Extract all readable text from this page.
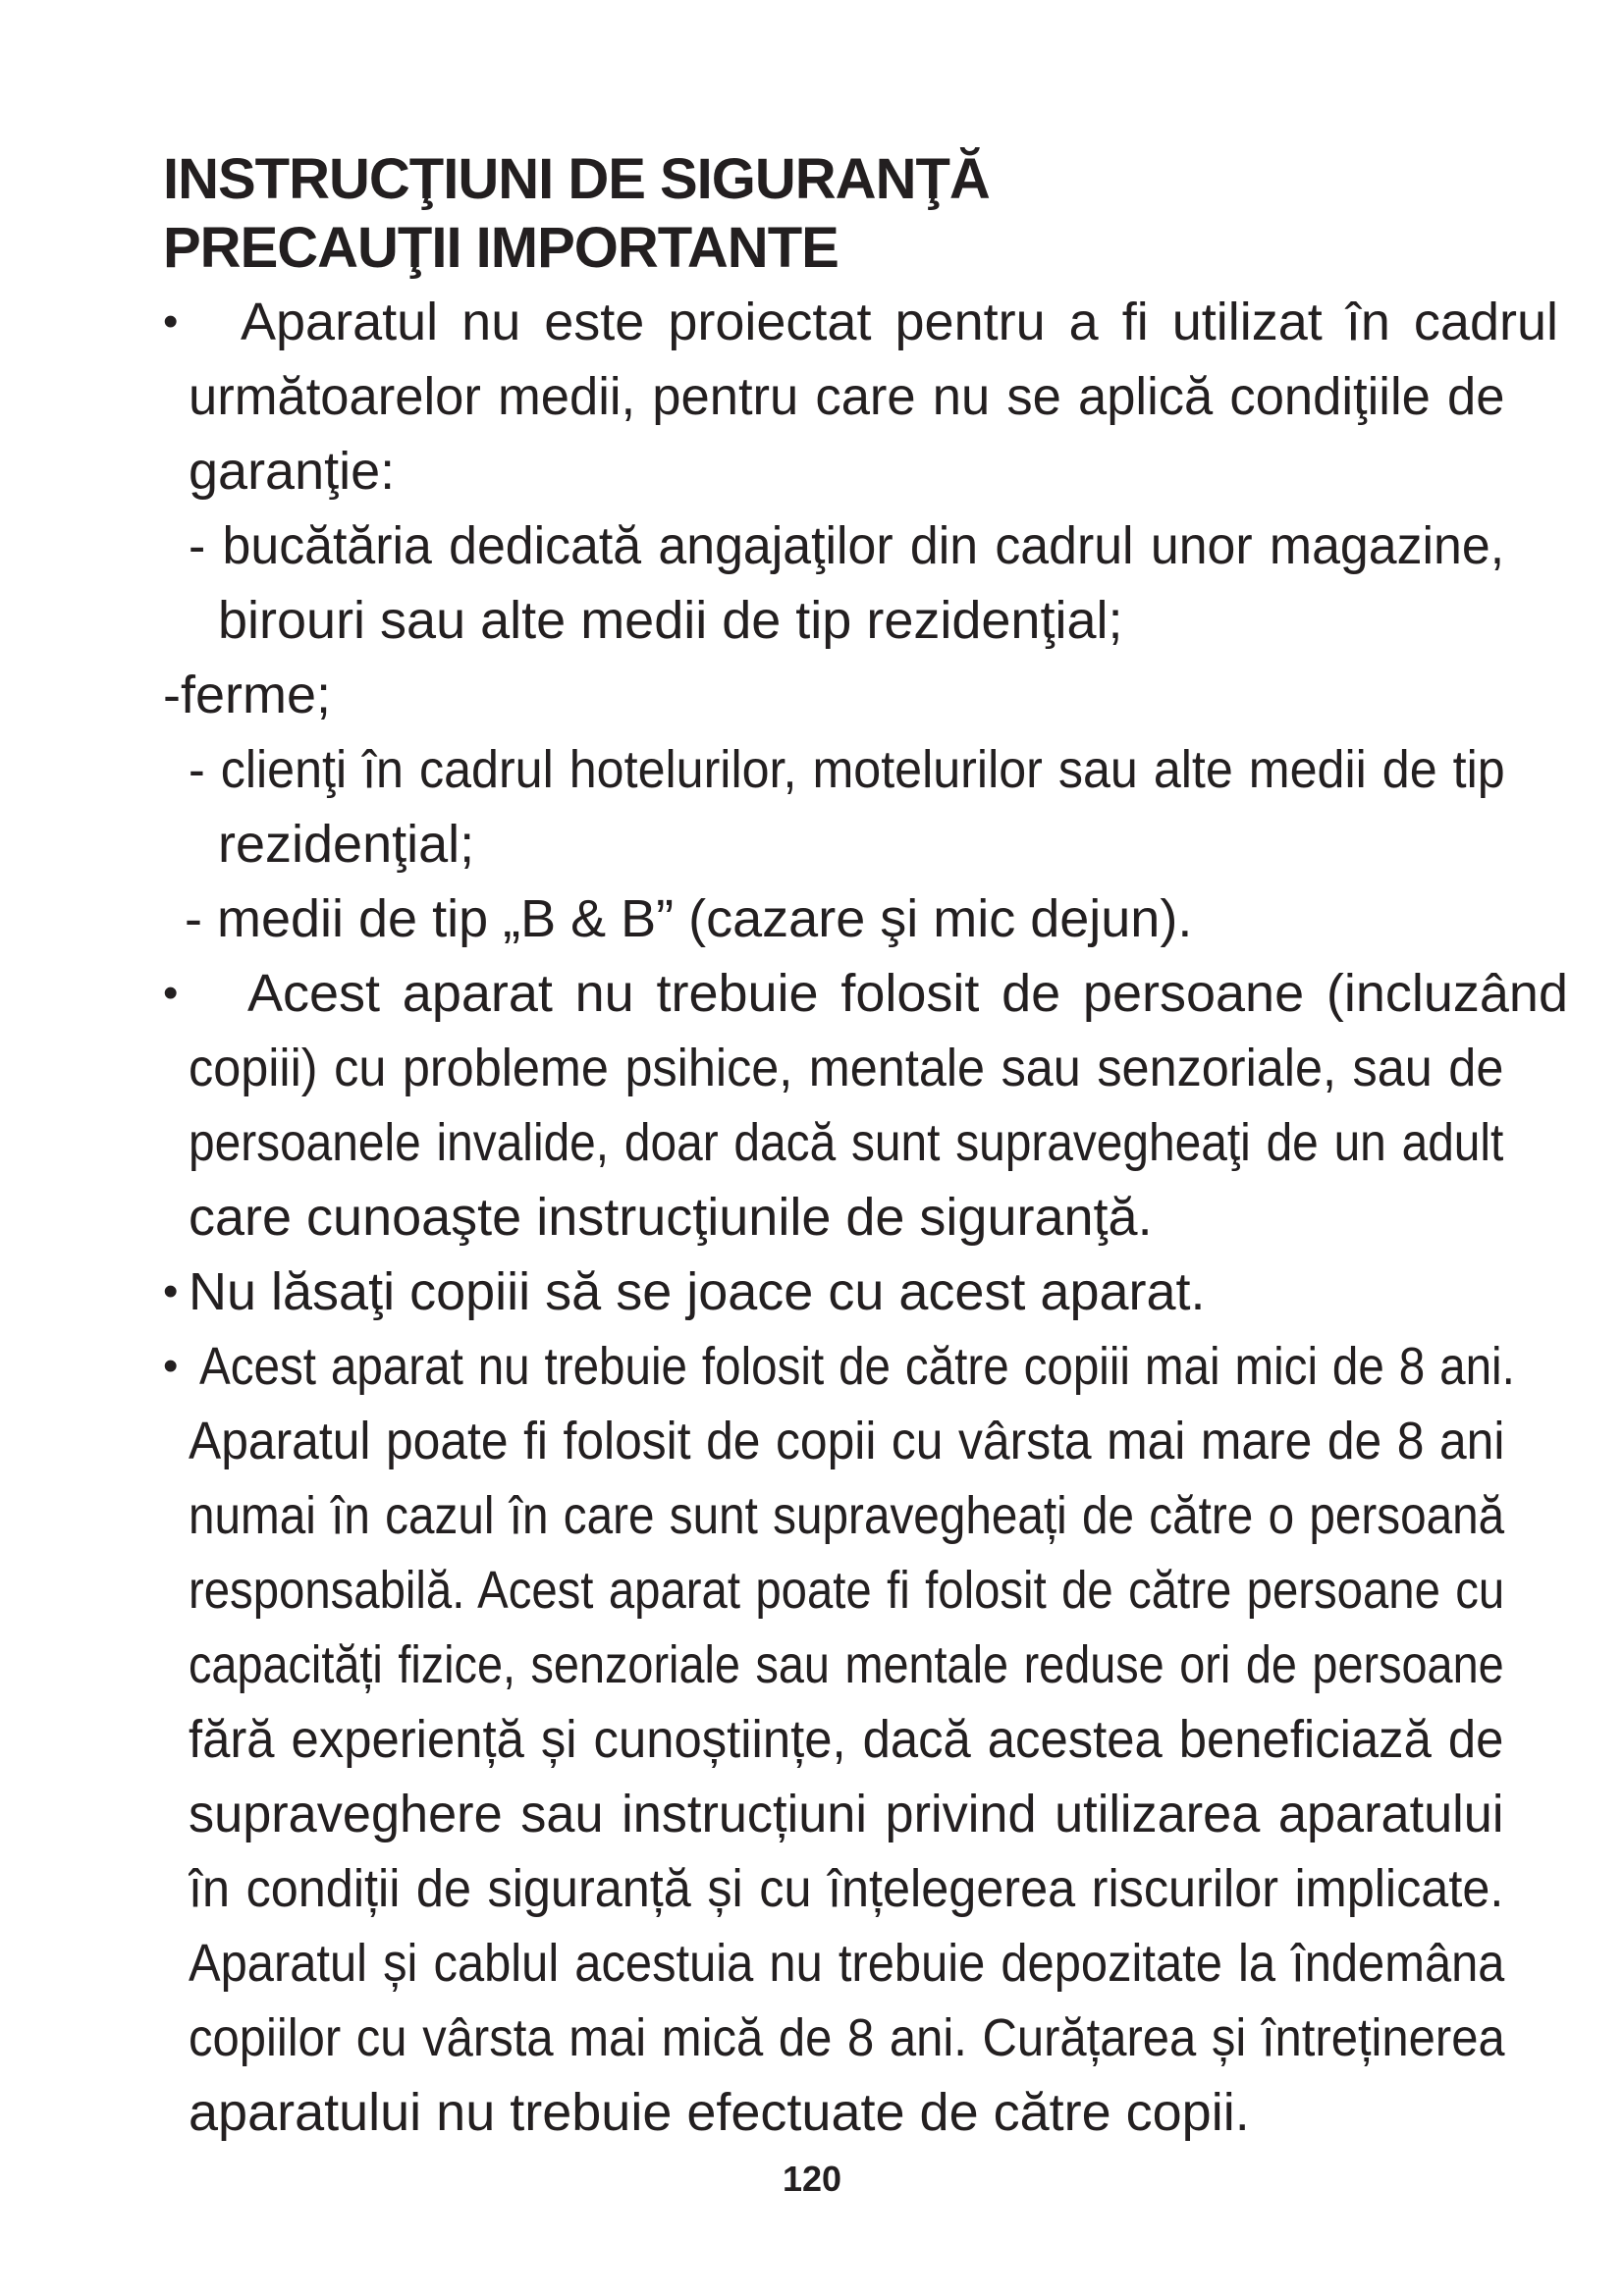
INSTRUCŢIUNI DE SIGURANŢĂ
PRECAUŢII IMPORTANTE
• Aparatul nu este proiectat pentru a fi utilizat în cadrul
următoarelor medii, pentru care nu se aplică condiţiile de
garanţie:
- bucătăria dedicată angajaţilor din cadrul unor magazine,
birouri sau alte medii de tip rezidenţial;
-ferme;
- clienţi în cadrul hotelurilor, motelurilor sau alte medii de tip
rezidenţial;
- medii de tip „B & B” (cazare şi mic dejun).
• Acest aparat nu trebuie folosit de persoane (incluzând
copiii) cu probleme psihice, mentale sau senzoriale, sau de
persoanele invalide, doar dacă sunt supravegheaţi de un adult
care cunoaşte instrucţiunile de siguranţă.
• Nu lăsaţi copiii să se joace cu acest aparat.
• Acest aparat nu trebuie folosit de către copiii mai mici de 8 ani.
Aparatul poate fi folosit de copii cu vârsta mai mare de 8 ani
numai în cazul în care sunt supravegheați de către o persoană
responsabilă. Acest aparat poate fi folosit de către persoane cu
capacități fizice, senzoriale sau mentale reduse ori de persoane
fără experiență și cunoștiințe, dacă acestea beneficiază de
supraveghere sau instrucțiuni privind utilizarea aparatului
în condiții de siguranță și cu înțelegerea riscurilor implicate.
Aparatul și cablul acestuia nu trebuie depozitate la îndemâna
copiilor cu vârsta mai mică de 8 ani. Curățarea și întreținerea
aparatului nu trebuie efectuate de către copii.
120
